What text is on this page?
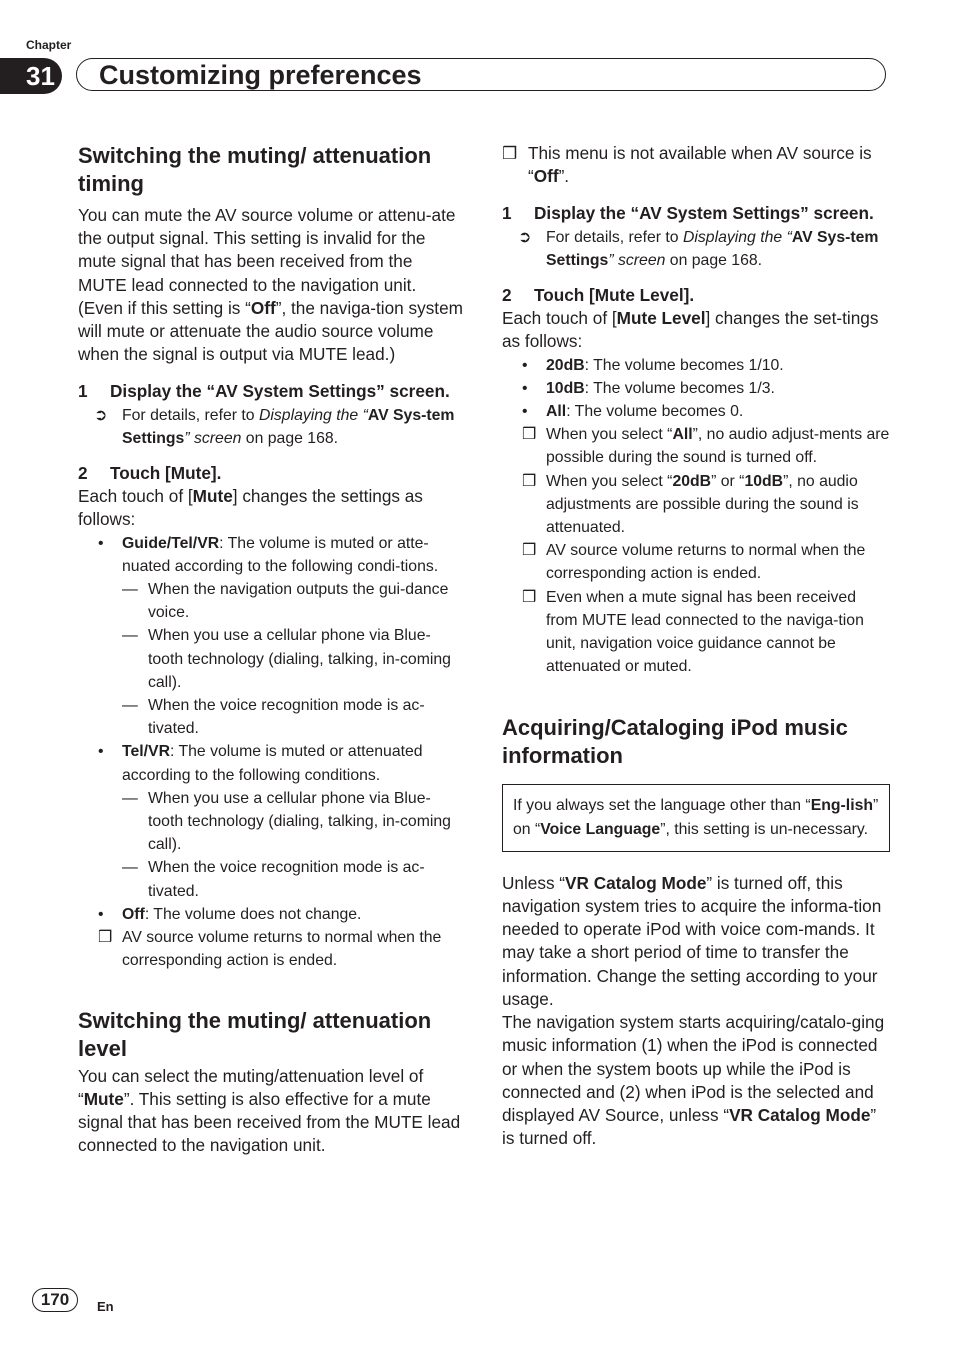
Chapter
31	Customizing preferences
Switching the muting/ attenuation timing

You can mute the AV source volume or attenu-ate the output signal. This setting is invalid for the mute signal that has been received from the MUTE lead connected to the navigation unit. (Even if this setting is “Off”, the naviga-tion system will mute or attenuate the audio source volume when the signal is output via MUTE lead.)

1 Display the “AV System Settings” screen.

➲ For details, refer to Displaying the “AV Sys-tem Settings” screen on page 168.

2 Touch [Mute].

Each touch of [Mute] changes the settings as follows:

• Guide/Tel/VR: The volume is muted or atte-nuated according to the following condi-tions.
— When the navigation outputs the gui-dance voice.
— When you use a cellular phone via Blue-tooth technology (dialing, talking, in-coming call).
— When the voice recognition mode is ac-tivated.
• Tel/VR: The volume is muted or attenuated according to the following conditions.
— When you use a cellular phone via Blue-tooth technology (dialing, talking, in-coming call).
— When the voice recognition mode is ac-tivated.
• Off: The volume does not change.
❒ AV source volume returns to normal when the corresponding action is ended.
Switching the muting/ attenuation level

You can select the muting/attenuation level of “Mute”. This setting is also effective for a mute signal that has been received from the MUTE lead connected to the navigation unit.

❒ This menu is not available when AV source is “Off”.

1 Display the “AV System Settings” screen.

➲ For details, refer to Displaying the “AV Sys-tem Settings” screen on page 168.

2 Touch [Mute Level].

Each touch of [Mute Level] changes the set-tings as follows:

• 20dB: The volume becomes 1/10.
• 10dB: The volume becomes 1/3.
• All: The volume becomes 0.
❒ When you select “All”, no audio adjust-ments are possible during the sound is turned off.
❒ When you select “20dB” or “10dB”, no audio adjustments are possible during the sound is attenuated.
❒ AV source volume returns to normal when the corresponding action is ended.
❒ Even when a mute signal has been received from MUTE lead connected to the naviga-tion unit, navigation voice guidance cannot be attenuated or muted.
Acquiring/Cataloging iPod music information
If you always set the language other than “Eng-lish” on “Voice Language”, this setting is un-necessary.

Unless “VR Catalog Mode” is turned off, this navigation system tries to acquire the informa-tion needed to operate iPod with voice com-mands. It may take a short period of time to transfer the information. Change the setting according to your usage.

The navigation system starts acquiring/catalo-ging music information (1) when the iPod is connected or when the system boots up while the iPod is connected and (2) when iPod is the selected and displayed AV Source, unless “VR Catalog Mode” is turned off.

170	En
